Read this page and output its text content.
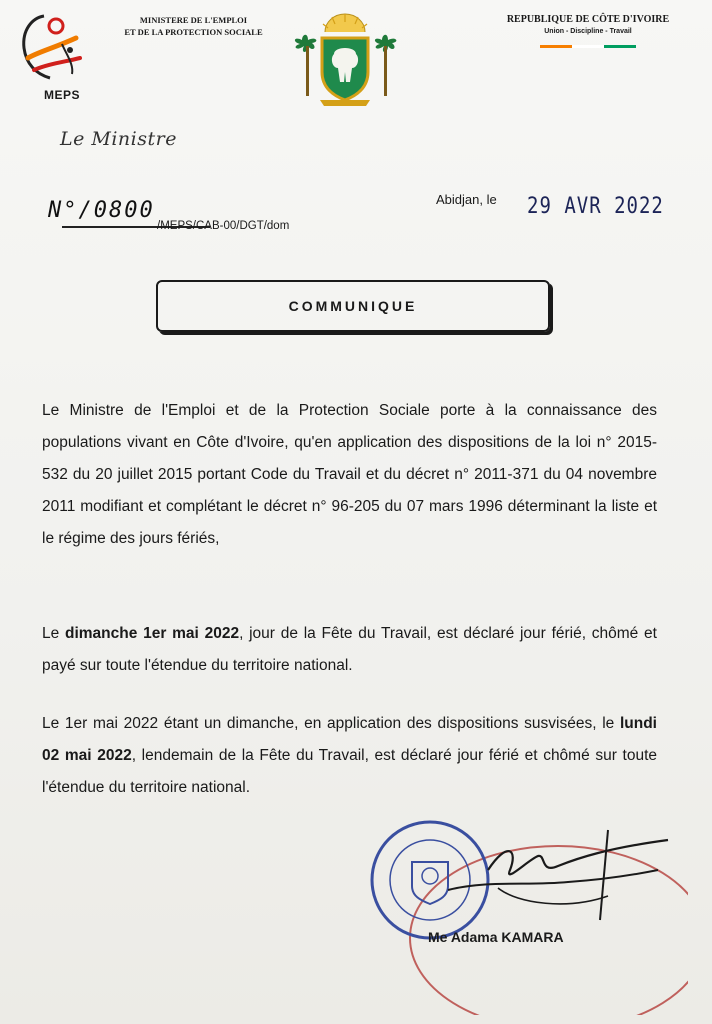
MEPS
MINISTERE DE L'EMPLOI
ET DE LA PROTECTION SOCIALE
REPUBLIQUE DE CÔTE D'IVOIRE
Union - Discipline - Travail
Le Ministre
N°/0800
/MEPS/CAB-00/DGT/dom
Abidjan, le 29 AVR 2022
COMMUNIQUE

Le Ministre de l'Emploi et de la Protection Sociale porte à la connaissance des populations vivant en Côte d'Ivoire, qu'en application des dispositions de la loi n° 2015-532 du 20 juillet 2015 portant Code du Travail et du décret n° 2011-371 du 04 novembre 2011 modifiant et complétant le décret n° 96-205 du 07 mars 1996 déterminant la liste et le régime des jours fériés,

Le dimanche 1er mai 2022, jour de la Fête du Travail, est déclaré jour férié, chômé et payé sur toute l'étendue du territoire national.

Le 1er mai 2022 étant un dimanche, en application des dispositions susvisées, le lundi 02 mai 2022, lendemain de la Fête du Travail, est déclaré jour férié et chômé sur toute l'étendue du territoire national.

Me Adama KAMARA
